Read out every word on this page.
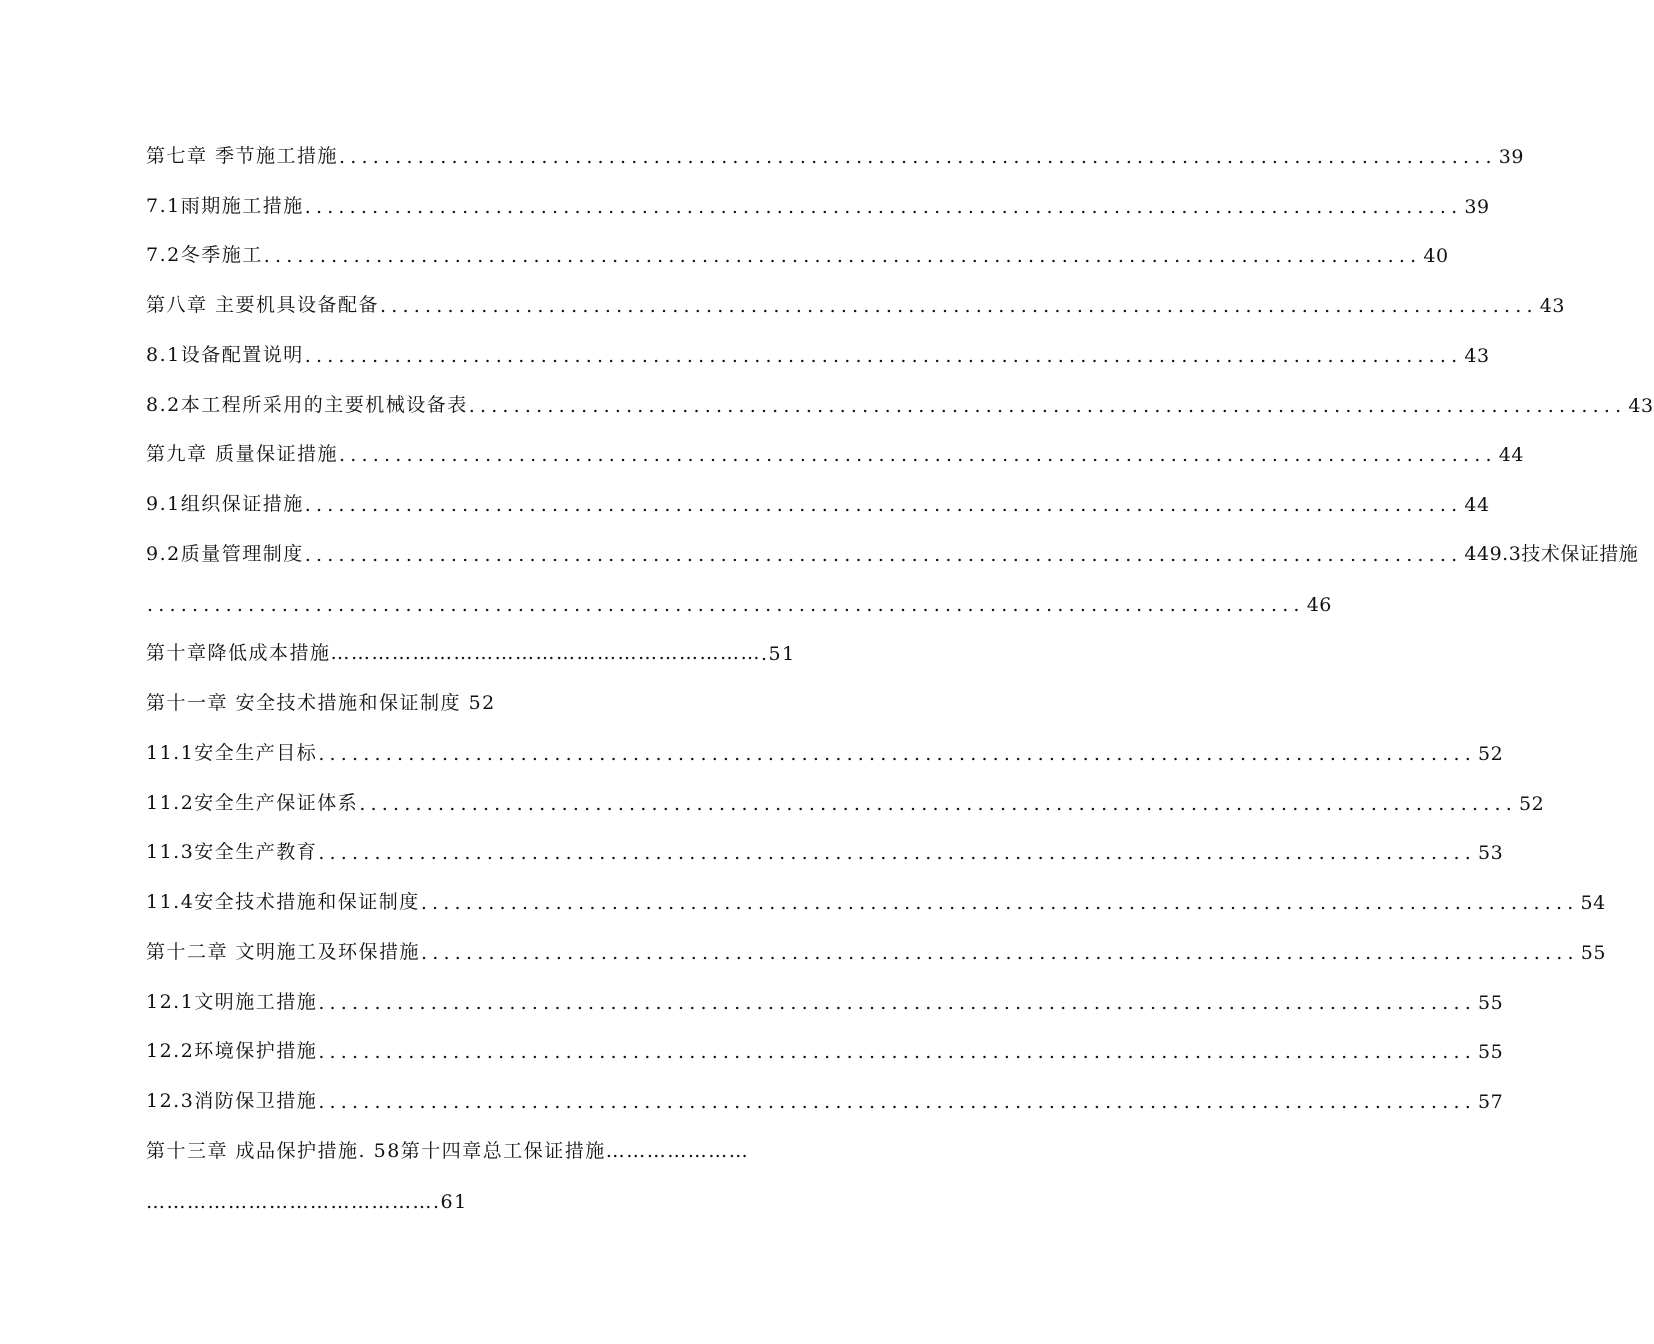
第七章 季节施工措施 ....................................................................................................... 39
7.1雨期施工措施 ....................................................................................................... 39
7.2冬季施工 ....................................................................................................... 40
第八章 主要机具设备配备 ....................................................................................................... 43
8.1设备配置说明 ....................................................................................................... 43
8.2本工程所采用的主要机械设备表 ....................................................................................................... 43
第九章 质量保证措施 ....................................................................................................... 44
9.1组织保证措施 ....................................................................................................... 44
9.2质量管理制度 ....................................................................................................... 449.3技术保证措施
....................................................................................................... 46
第十章降低成本措施……………………………………………………… .51
第十一章 安全技术措施和保证制度 52
11.1安全生产目标 ....................................................................................................... 52
11.2安全生产保证体系 ....................................................................................................... 52
11.3安全生产教育 ....................................................................................................... 53
11.4安全技术措施和保证制度 ....................................................................................................... 54
第十二章 文明施工及环保措施 ....................................................................................................... 55
12.1文明施工措施 ....................................................................................................... 55
12.2环境保护措施 ....................................................................................................... 55
12.3消防保卫措施 ....................................................................................................... 57
第十三章 成品保护措施. 58第十四章总工保证措施…………………
…………………………………….61
